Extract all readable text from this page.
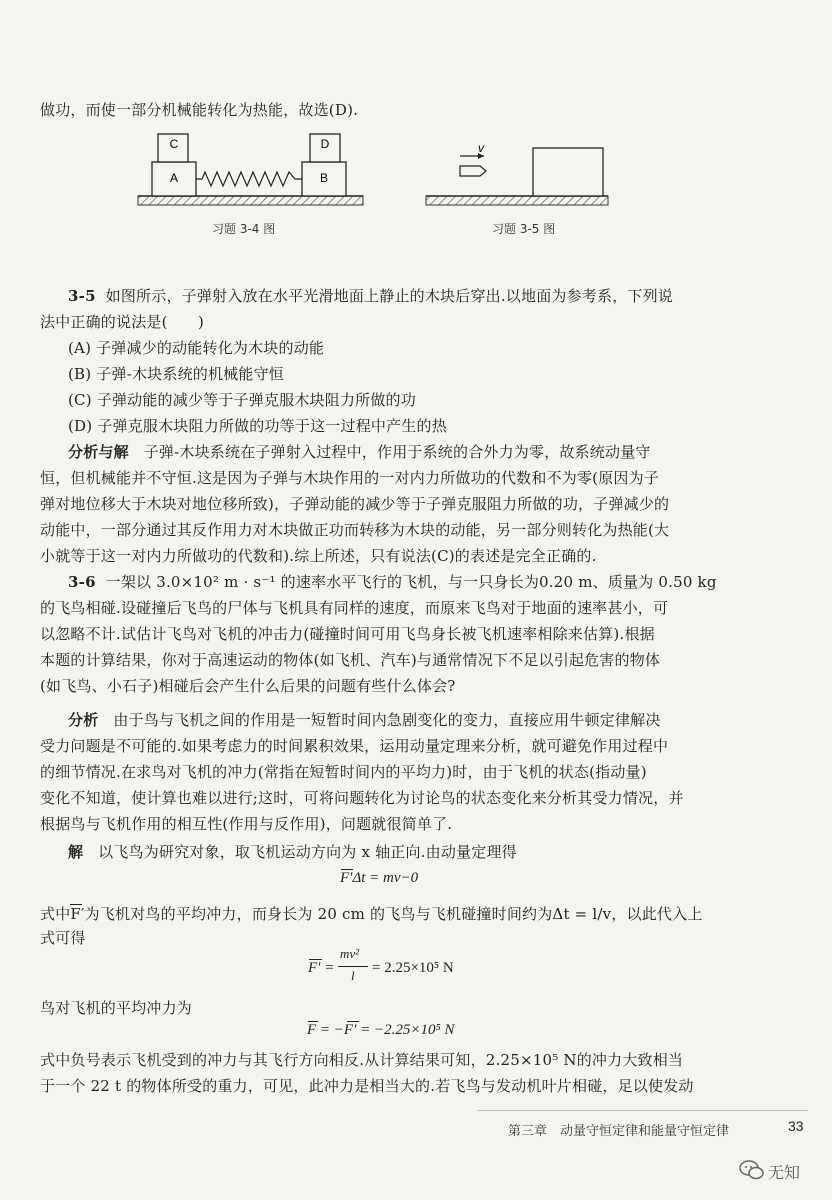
做功，而使一部分机械能转化为热能，故选(D).
C
A
D
B
习题 3-4 图
v
习题 3-5 图
3-5 如图所示，子弹射入放在水平光滑地面上静止的木块后穿出.以地面为参考系，下列说
法中正确的说法是(　　)
(A) 子弹减少的动能转化为木块的动能
(B) 子弹-木块系统的机械能守恒
(C) 子弹动能的减少等于子弹克服木块阻力所做的功
(D) 子弹克服木块阻力所做的功等于这一过程中产生的热
分析与解 子弹-木块系统在子弹射入过程中，作用于系统的合外力为零，故系统动量守
恒，但机械能并不守恒.这是因为子弹与木块作用的一对内力所做功的代数和不为零(原因为子
弹对地位移大于木块对地位移所致)，子弹动能的减少等于子弹克服阻力所做的功，子弹减少的
动能中，一部分通过其反作用力对木块做正功而转移为木块的动能，另一部分则转化为热能(大
小就等于这一对内力所做功的代数和).综上所述，只有说法(C)的表述是完全正确的.
3-6 一架以 3.0×10² m · s⁻¹ 的速率水平飞行的飞机，与一只身长为0.20 m、质量为 0.50 kg
的飞鸟相碰.设碰撞后飞鸟的尸体与飞机具有同样的速度，而原来飞鸟对于地面的速率甚小，可
以忽略不计.试估计飞鸟对飞机的冲击力(碰撞时间可用飞鸟身长被飞机速率相除来估算).根据
本题的计算结果，你对于高速运动的物体(如飞机、汽车)与通常情况下不足以引起危害的物体
(如飞鸟、小石子)相碰后会产生什么后果的问题有些什么体会?
分析 由于鸟与飞机之间的作用是一短暂时间内急剧变化的变力，直接应用牛顿定律解决
受力问题是不可能的.如果考虑力的时间累积效果，运用动量定理来分析，就可避免作用过程中
的细节情况.在求鸟对飞机的冲力(常指在短暂时间内的平均力)时，由于飞机的状态(指动量)
变化不知道，使计算也难以进行;这时，可将问题转化为讨论鸟的状态变化来分析其受力情况，并
根据鸟与飞机作用的相互性(作用与反作用)，问题就很简单了.
解 以飞鸟为研究对象，取飞机运动方向为 x 轴正向.由动量定理得
F′Δt = mv−0
式中F′为飞机对鸟的平均冲力，而身长为 20 cm 的飞鸟与飞机碰撞时间约为Δt = l/v，以此代入上
式可得
F′ =
mv²
l = 2.25×10⁵ N
鸟对飞机的平均冲力为
F = −F′ = −2.25×10⁵ N
式中负号表示飞机受到的冲力与其飞行方向相反.从计算结果可知，2.25×10⁵ N的冲力大致相当
于一个 22 t 的物体所受的重力，可见，此冲力是相当大的.若飞鸟与发动机叶片相碰，足以使发动
第三章　动量守恒定律和能量守恒定律	33
无知
